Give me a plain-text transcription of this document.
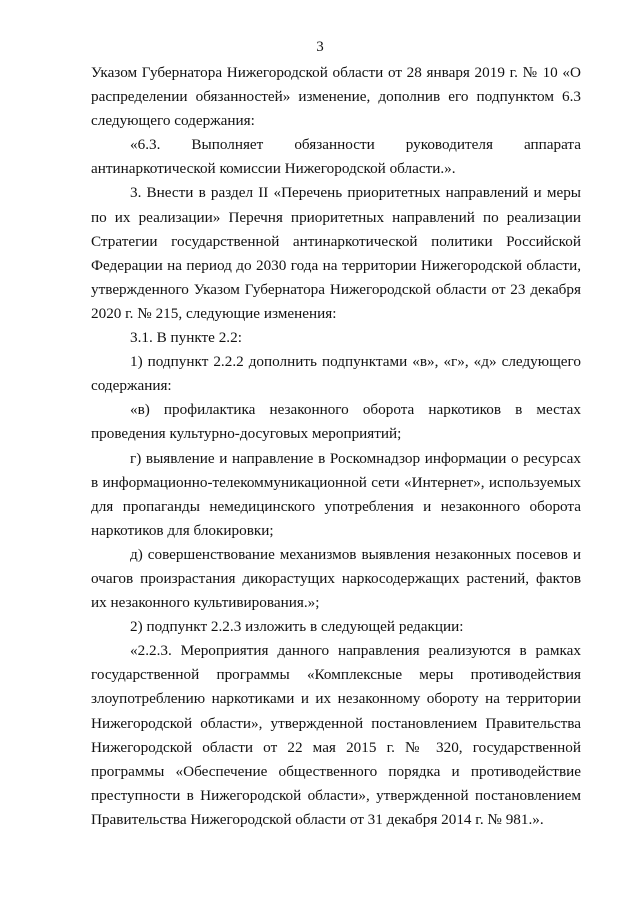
3

Указом Губернатора Нижегородской области от 28 января 2019 г. № 10 «О распределении обязанностей» изменение, дополнив его подпунктом 6.3 следующего содержания:

«6.3. Выполняет обязанности руководителя аппарата антинаркотической комиссии Нижегородской области.».

3. Внести в раздел II «Перечень приоритетных направлений и меры по их реализации» Перечня приоритетных направлений по реализации Стратегии государственной антинаркотической политики Российской Федерации на период до 2030 года на территории Нижегородской области, утвержденного Указом Губернатора Нижегородской области от 23 декабря 2020 г. № 215, следующие изменения:

3.1. В пункте 2.2:

1) подпункт 2.2.2 дополнить подпунктами «в», «г», «д» следующего содержания:

«в) профилактика незаконного оборота наркотиков в местах проведения культурно-досуговых мероприятий;

г) выявление и направление в Роскомнадзор информации о ресурсах в информационно-телекоммуникационной сети «Интернет», используемых для пропаганды немедицинского употребления и незаконного оборота наркотиков для блокировки;

д) совершенствование механизмов выявления незаконных посевов и очагов произрастания дикорастущих наркосодержащих растений, фактов их незаконного культивирования.»;

2) подпункт 2.2.3 изложить в следующей редакции:

«2.2.3. Мероприятия данного направления реализуются в рамках государственной программы «Комплексные меры противодействия злоупотреблению наркотиками и их незаконному обороту на территории Нижегородской области», утвержденной постановлением Правительства Нижегородской области от 22 мая 2015 г. № 320, государственной программы «Обеспечение общественного порядка и противодействие преступности в Нижегородской области», утвержденной постановлением Правительства Нижегородской области от 31 декабря 2014 г. № 981.».
